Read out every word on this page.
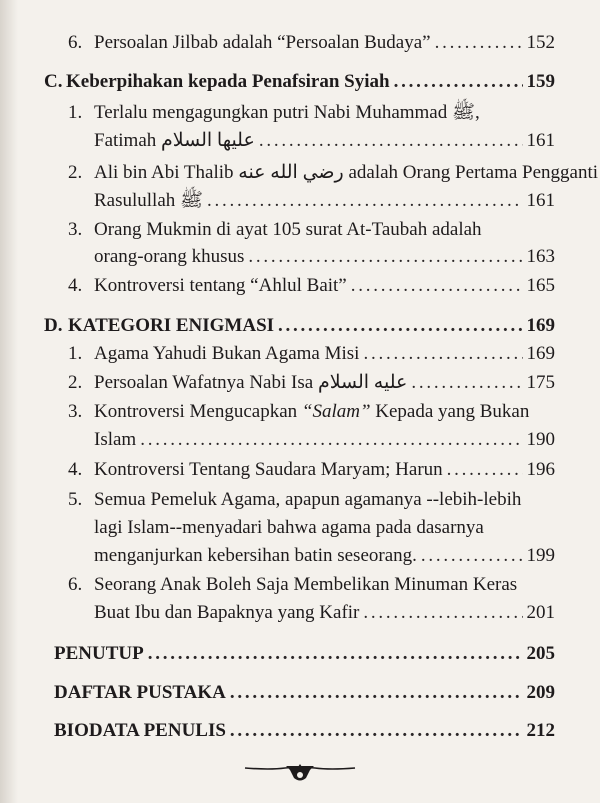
6. Persoalan Jilbab adalah “Persoalan Budaya” . . .	152
C. Keberpihakan kepada Penafsiran Syiah . . .	159
1. Terlalu mengagungkan putri Nabi Muhammad ﷺ,
Fatimah عليها السلام . . .	161
2. Ali bin Abi Thalib رضي الله عنه adalah Orang Pertama Pengganti
Rasulullah ﷺ . . .	161
3. Orang Mukmin di ayat 105 surat At-Taubah adalah
orang-orang khusus . . .	163
4. Kontroversi tentang “Ahlul Bait” . . .	165
D. KATEGORI ENIGMASI . . .	169
1. Agama Yahudi Bukan Agama Misi . . .	169
2. Persoalan Wafatnya Nabi Isa عليه السلام . . .	175
3. Kontroversi Mengucapkan “Salam” Kepada yang Bukan
Islam . . .	190
4. Kontroversi Tentang Saudara Maryam; Harun . . .	196
5. Semua Pemeluk Agama, apapun agamanya --lebih-lebih
lagi Islam--menyadari bahwa agama pada dasarnya
menganjurkan kebersihan batin seseorang. . . .	199
6. Seorang Anak Boleh Saja Membelikan Minuman Keras
Buat Ibu dan Bapaknya yang Kafir . . .	201
PENUTUP . . .	205
DAFTAR PUSTAKA . . .	209
BIODATA PENULIS . . .	212
